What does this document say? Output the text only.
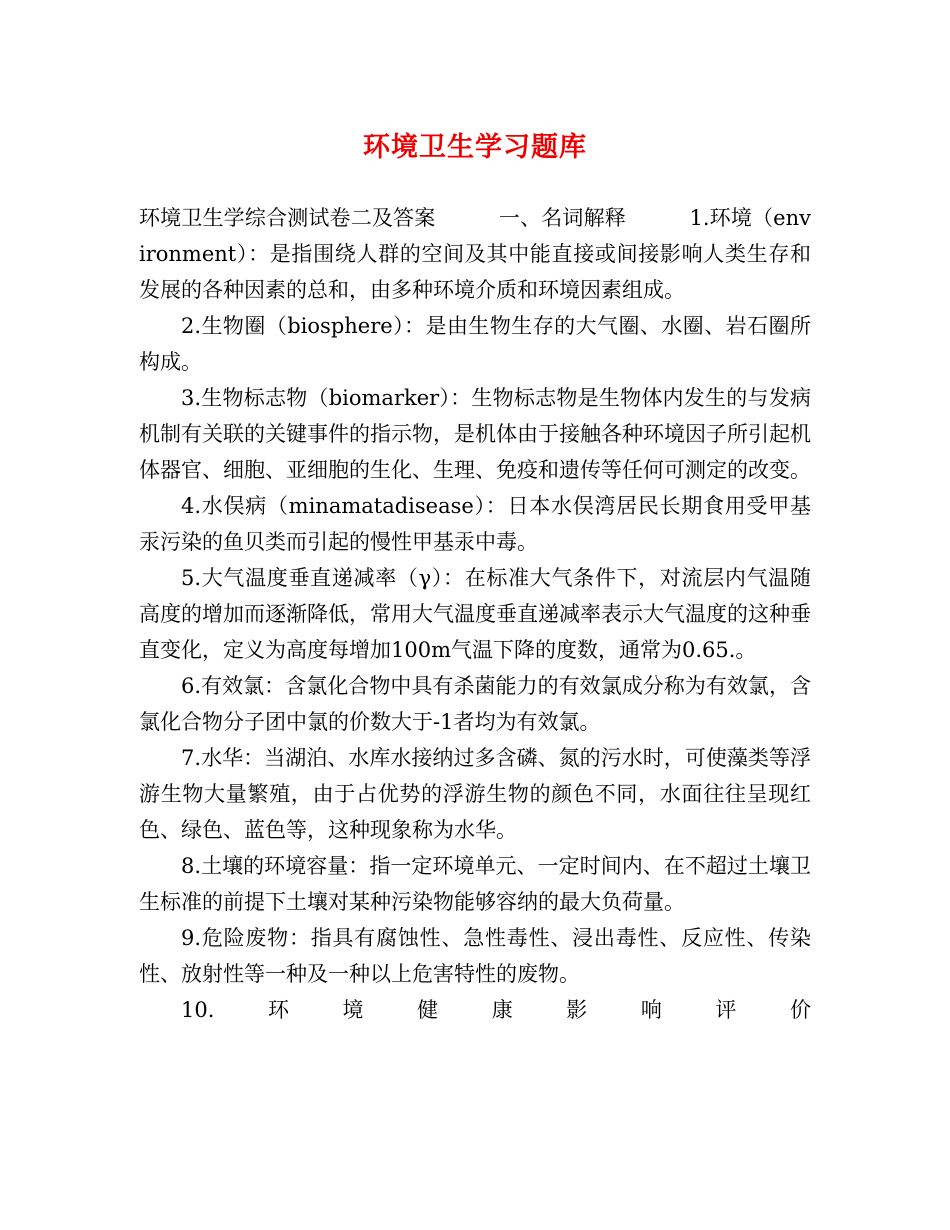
环境卫生学习题库

环境卫生学综合测试卷二及答案　　　一、名词解释　　　1.环境（environment）：是指围绕人群的空间及其中能直接或间接影响人类生存和发展的各种因素的总和，由多种环境介质和环境因素组成。

2.生物圈（biosphere）：是由生物生存的大气圈、水圈、岩石圈所构成。

3.生物标志物（biomarker）：生物标志物是生物体内发生的与发病机制有关联的关键事件的指示物，是机体由于接触各种环境因子所引起机体器官、细胞、亚细胞的生化、生理、免疫和遗传等任何可测定的改变。

4.水俣病（minamatadisease）：日本水俣湾居民长期食用受甲基汞污染的鱼贝类而引起的慢性甲基汞中毒。

5.大气温度垂直递减率（γ）：在标准大气条件下，对流层内气温随高度的增加而逐渐降低，常用大气温度垂直递减率表示大气温度的这种垂直变化，定义为高度每增加100m气温下降的度数，通常为0.65.。

6.有效氯：含氯化合物中具有杀菌能力的有效氯成分称为有效氯，含氯化合物分子团中氯的价数大于-1者均为有效氯。

7.水华：当湖泊、水库水接纳过多含磷、氮的污水时，可使藻类等浮游生物大量繁殖，由于占优势的浮游生物的颜色不同，水面往往呈现红色、绿色、蓝色等，这种现象称为水华。

8.土壤的环境容量：指一定环境单元、一定时间内、在不超过土壤卫生标准的前提下土壤对某种污染物能够容纳的最大负荷量。

9.危险废物：指具有腐蚀性、急性毒性、浸出毒性、反应性、传染性、放射性等一种及一种以上危害特性的废物。

10.环境健康影响评价
